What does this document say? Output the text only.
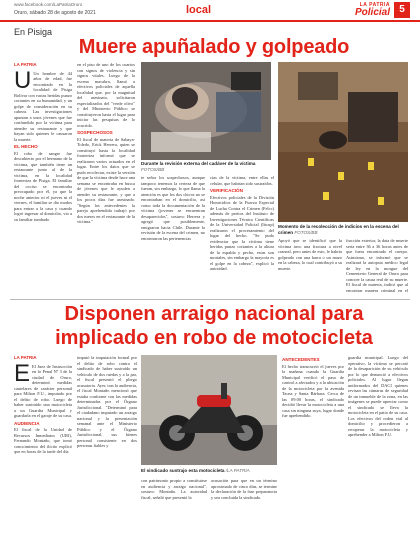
www.facebook.com/LaPatriaOruro
Oruro, sábado 28 de agosto de 2021	local	LA PATRIA
Policial 5
En Pisiga
Muere apuñalado y golpeado
LA PATRIA
U Un hombre de 44 años de edad, fue encontrado en la localidad de Pisiga Bolívar con varias heridas punzo cortantes en su humanidad, y un golpe de consideración en su cabeza. Las investigaciones apuntan a unos jóvenes que fue confundido por la víctima para atender su restaurante y que hayan sido quienes le causaron la muerte.

EL HECHO

El robo de sangre fue descubierto por el hermano de la víctima, que también tiene un restaurante junto al de la víctima, en la localidad fronteriza de Pisiga. El familiar del occiso se encontraba preocupado por él, ya que la noche anterior ni el jueves ni el viernes, el familiar se dio modos para entrar a la casa y cuando logró ingresar al domicilio, vio a su familiar tumbado

en el piso de uno de los cuartos con signos de violencia y sin signos vitales. Luego de la escena macabra, llamó a efectivos policiales de aquella localidad que, por la magnitud del asesinato, solicitaron especializados del "verde olivo" y del Ministerio Público se constituyeron hasta el lugar para iniciar las pesquisas de lo ocurrido.

SOSPECHOSOS

El fiscal de materia de Sabaya-Toledo, Erick Herrera, quien se constituyó hasta la localidad fronteriza informó que se realizaron varios actuados en el lugar. Entre los datos que se pudo recolectar, existe la versión de que la víctima desde hace una semana se encontraba en busca de jóvenes que le ayuden a atender su restaurante, y que a los pocos días fue asesinado. "Según los antecedentes la pareja aprehendida trabajó por dos meses en el restaurante de la víctima."

Durante la revisión externa del cadáver de la víctima FOTOS/BB

te señor los sospechosos, aunque tampoco tenemos la certeza de que fueran, sin embargo, lo que llama la atención es que los dos chicos no se encontraban en el domicilio, así como toda la documentación de la víctima (jovenes se encuentran desaparecidos", sostuvo Herrera y agregó que posiblemente, emigraron hacia Chile. Durante la revisión de la escena del crimen, no encontraron las pertenencias

cias de la víctima, entre ellas el celular, que habrían sido sustraídos.

VERIFICACIÓN

Efectivos policiales de la División Homicidios de la Fuerza Especial de Lucha Contra el Crimen (Felcc) además de peritos del Instituto de Investigaciones Técnico Científicas de la Universidad Policial (Iitcup) realizaron el procesamiento del lugar del hecho. "Se pudo evidenciar que la víctima tiene heridas punzo cortantes a la altura de la espalda y pecho, estas son mortales, sin embargo la mayoría es el golpe en la cabeza", explicó la autoridad.

Momento de la recolección de indicios en la escena del crimen FOTOS/BB

Apoyó que se identificó que la víctima tuvo una fractura a nivel craneal, pero antes de esto, le habría golpeado con una barra o un mazo en la cabeza, lo cual contribuyó a su muerte.

fracción exterior, la data de muerte sería entre 36 a 36 horas antes de que fuera encontrado el cuerpo. Asimismo, se informó que se realizará la autopsia médico legal de ley en la morgue del Cementerio General de Oruro para conocer la causa real de su muerte. El fiscal de materia, indicó que al encontrar manera criminal en el

Disponen arraigo nacional para
implicado en robo de motocicleta
LA PATRIA
E El Juez de Instrucción en lo Penal Nº 3 de la ciudad de Oruro, determinó medidas cautelares de carácter personal para Milton F.U., imputado por el delito de robo. Luego de haber sustraído una motocicleta a un Guardia Municipal y guardarla en el garaje de su casa.

AUDIENCIA

El fiscal de la Unidad de Recursos Inmediatos (URI), Fernando Montaño, que tomó conocimiento del ilícito explicó que en horas de la tarde del día

imputó la imputación formal por el delito de robo contra el sindicado de haber sustraído un vehículo de dos ruedas y a la par, el fiscal presentó el pliego acusatorio. Ayer, tras la audiencia, el fiscal Montaño mencionó que estaba conforme con las medidas determinadas por el Órgano Jurisdiccional. "Determinó para el ciudadano imputado un arraigo nacional y la presentación semanal ante el Ministerio Público y el Órgano Jurisdiccional, sus bienes personal consistente en dos personas fiables y

El sindicado sustrajo esta motocicleta /LA PATRIA

con patrimonio propio a constituirse en audiencia y arraigo nacional", sostuvo Montaño. La autoridad fiscal, señaló que presentó la

acusación para que en un término aproximado de cinco días, se termine la declaración de la fase preparatoria y sea concluida la sindicado.

ANTECEDENTES

El hecho transcurrió el jueves por la mañana cuando la Guardia Municipal verificó el paso de control a afectados y a la ubicación de la motocicleta por la avenida Tacna y Santa Bárbara. Cerca de las 09:00 horas, el sindicado decidió llevar la motocicleta a una casa sin ninguna suya, lugar donde fue aprehendido.

guardia municipal. Luego del operativo, la víctima se percató de la desaparición de su vehículo por lo que denunció a efectivos policiales. Al lugar llegan uniformados del DACI quienes revisan las cámaras de seguridad de un inmueble de la zona, en las imágenes se puede apreciar como el sindicado se lleva la motocicleta en el patio de su casa. Los efectivos del orden vial al domicilio y procedieron a recuperar la motocicleta y aprehender a Milton F.U.
